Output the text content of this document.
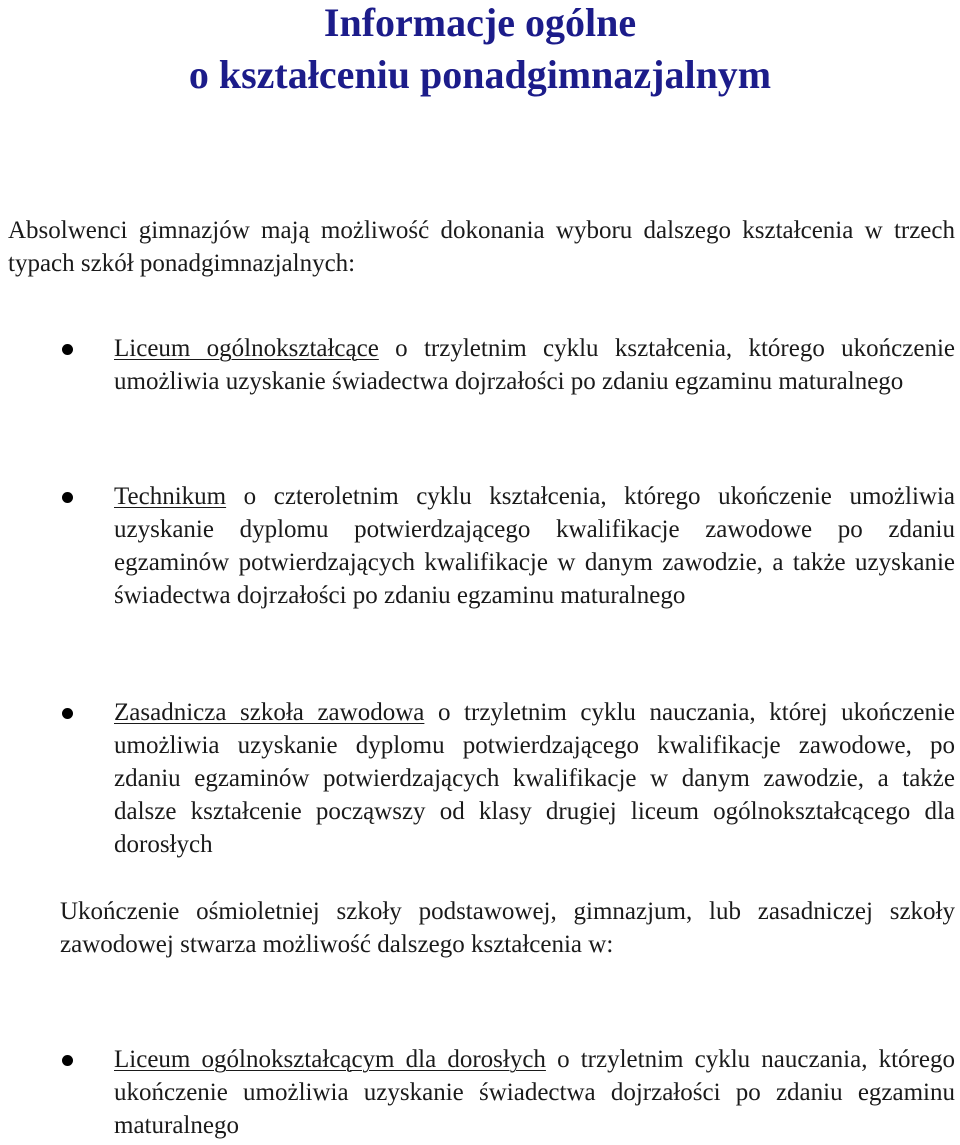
Informacje ogólne
o kształceniu ponadgimnazjalnym

Absolwenci gimnazjów mają możliwość dokonania wyboru dalszego kształcenia w trzech typach szkół ponadgimnazjalnych:

Liceum ogólnokształcące o trzyletnim cyklu kształcenia, którego ukończenie umożliwia uzyskanie świadectwa dojrzałości po zdaniu egzaminu maturalnego

Technikum o czteroletnim cyklu kształcenia, którego ukończenie umożliwia uzyskanie dyplomu potwierdzającego kwalifikacje zawodowe po zdaniu egzaminów potwierdzających kwalifikacje w danym zawodzie, a także uzyskanie świadectwa dojrzałości po zdaniu egzaminu maturalnego

Zasadnicza szkoła zawodowa o trzyletnim cyklu nauczania, której ukończenie umożliwia uzyskanie dyplomu potwierdzającego kwalifikacje zawodowe, po zdaniu egzaminów potwierdzających kwalifikacje w danym zawodzie, a także dalsze kształcenie począwszy od klasy drugiej liceum ogólnokształcącego dla dorosłych

Ukończenie ośmioletniej szkoły podstawowej, gimnazjum, lub zasadniczej szkoły zawodowej stwarza możliwość dalszego kształcenia w:

Liceum ogólnokształcącym dla dorosłych o trzyletnim cyklu nauczania, którego ukończenie umożliwia uzyskanie świadectwa dojrzałości po zdaniu egzaminu maturalnego
